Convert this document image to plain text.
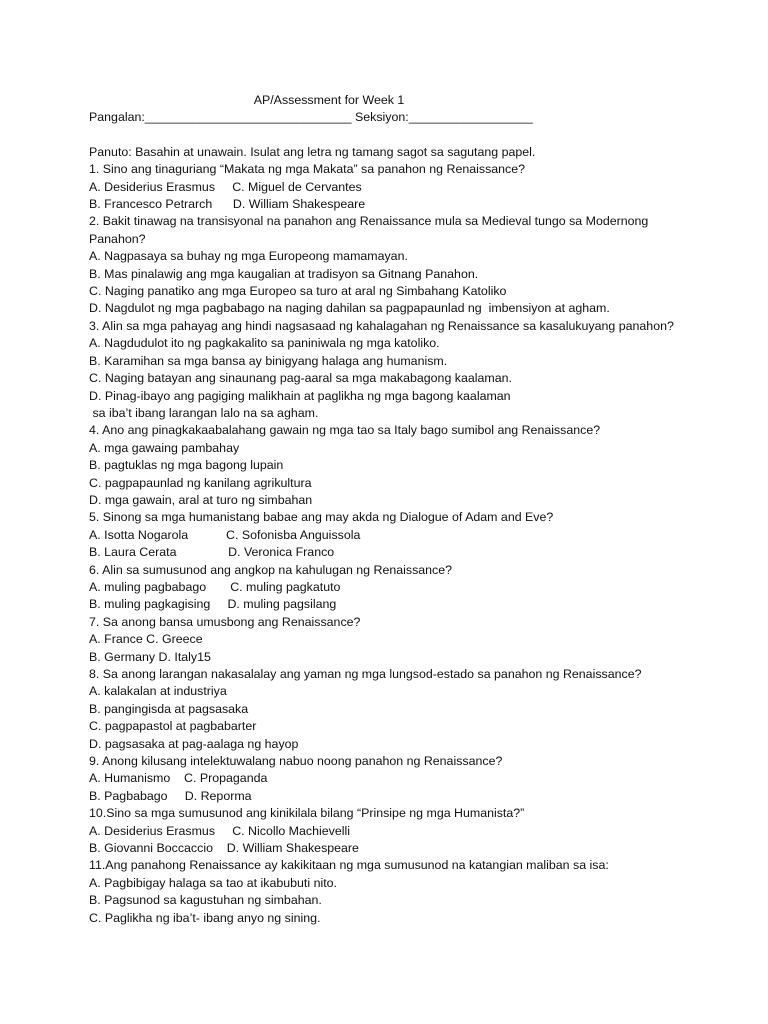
AP/Assessment for Week 1
Pangalan:______________________________ Seksiyon:__________________
Panuto: Basahin at unawain. Isulat ang letra ng tamang sagot sa sagutang papel.
1. Sino ang tinaguriang “Makata ng mga Makata” sa panahon ng Renaissance?
A. Desiderius Erasmus     C. Miguel de Cervantes
B. Francesco Petrarch      D. William Shakespeare
2. Bakit tinawag na transisyonal na panahon ang Renaissance mula sa Medieval tungo sa Modernong
Panahon?
A. Nagpasaya sa buhay ng mga Europeong mamamayan.
B. Mas pinalawig ang mga kaugalian at tradisyon sa Gitnang Panahon.
C. Naging panatiko ang mga Europeo sa turo at aral ng Simbahang Katoliko
D. Nagdulot ng mga pagbabago na naging dahilan sa pagpapaunlad ng  imbensiyon at agham.
3. Alin sa mga pahayag ang hindi nagsasaad ng kahalagahan ng Renaissance sa kasalukuyang panahon?
A. Nagdudulot ito ng pagkakalito sa paniniwala ng mga katoliko.
B. Karamihan sa mga bansa ay binigyang halaga ang humanism.
C. Naging batayan ang sinaunang pag-aaral sa mga makabagong kaalaman.
D. Pinag-ibayo ang pagiging malikhain at paglikha ng mga bagong kaalaman
sa iba’t ibang larangan lalo na sa agham.
4. Ano ang pinagkakaabalahang gawain ng mga tao sa Italy bago sumibol ang Renaissance?
A. mga gawaing pambahay
B. pagtuklas ng mga bagong lupain
C. pagpapaunlad ng kanilang agrikultura
D. mga gawain, aral at turo ng simbahan
5. Sinong sa mga humanistang babae ang may akda ng Dialogue of Adam and Eve?
A. Isotta Nogarola           C. Sofonisba Anguissola
B. Laura Cerata               D. Veronica Franco
6. Alin sa sumusunod ang angkop na kahulugan ng Renaissance?
A. muling pagbabago       C. muling pagkatuto
B. muling pagkagising     D. muling pagsilang
7. Sa anong bansa umusbong ang Renaissance?
A. France C. Greece
B. Germany D. Italy15
8. Sa anong larangan nakasalalay ang yaman ng mga lungsod-estado sa panahon ng Renaissance?
A. kalakalan at industriya
B. pangingisda at pagsasaka
C. pagpapastol at pagbabarter
D. pagsasaka at pag-aalaga ng hayop
9. Anong kilusang intelektuwalang nabuo noong panahon ng Renaissance?
A. Humanismo    C. Propaganda
B. Pagbabago     D. Reporma
10.Sino sa mga sumusunod ang kinikilala bilang “Prinsipe ng mga Humanista?”
A. Desiderius Erasmus     C. Nicollo Machievelli
B. Giovanni Boccaccio    D. William Shakespeare
11.Ang panahong Renaissance ay kakikitaan ng mga sumusunod na katangian maliban sa isa:
A. Pagbibigay halaga sa tao at ikabubuti nito.
B. Pagsunod sa kagustuhan ng simbahan.
C. Paglikha ng iba’t- ibang anyo ng sining.
